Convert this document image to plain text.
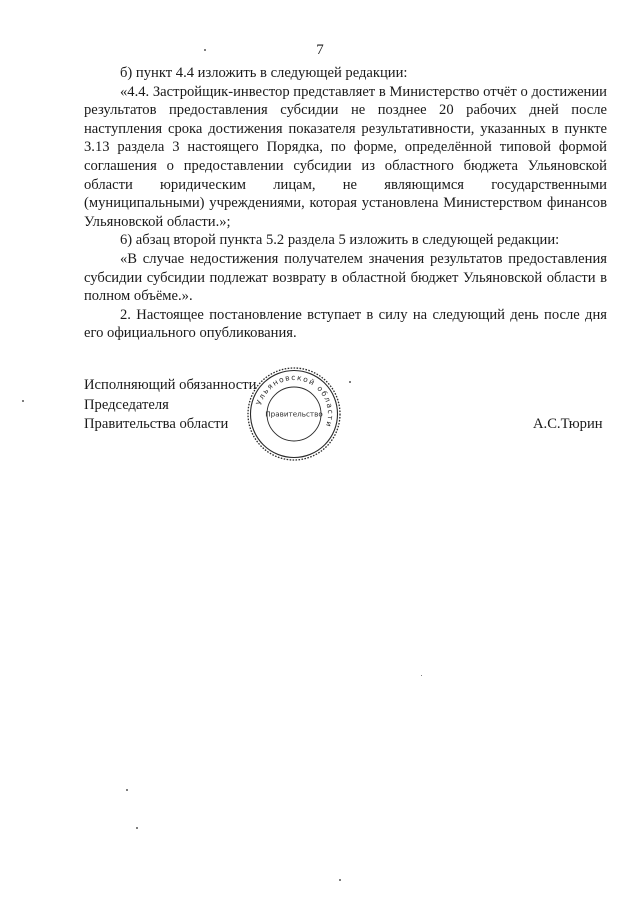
7

б) пункт 4.4 изложить в следующей редакции:

«4.4. Застройщик-инвестор представляет в Министерство отчёт о достижении результатов предоставления субсидии не позднее 20 рабочих дней после наступления срока достижения показателя результативности, указанных в пункте 3.13 раздела 3 настоящего Порядка, по форме, определённой типовой формой соглашения о предоставлении субсидии из областного бюджета Ульяновской области юридическим лицам, не являющимся государственными (муниципальными) учреждениями, которая установлена Министерством финансов Ульяновской области.»;

6) абзац второй пункта 5.2 раздела 5 изложить в следующей редакции:

«В случае недостижения получателем значения результатов предоставления субсидии субсидии подлежат возврату в областной бюджет Ульяновской области в полном объёме.».

2. Настоящее постановление вступает в силу на следующий день после дня его официального опубликования.

Исполняющий обязанности
Председателя
Правительства области
Ульяновской области
Правительство
А.С.Тюрин
